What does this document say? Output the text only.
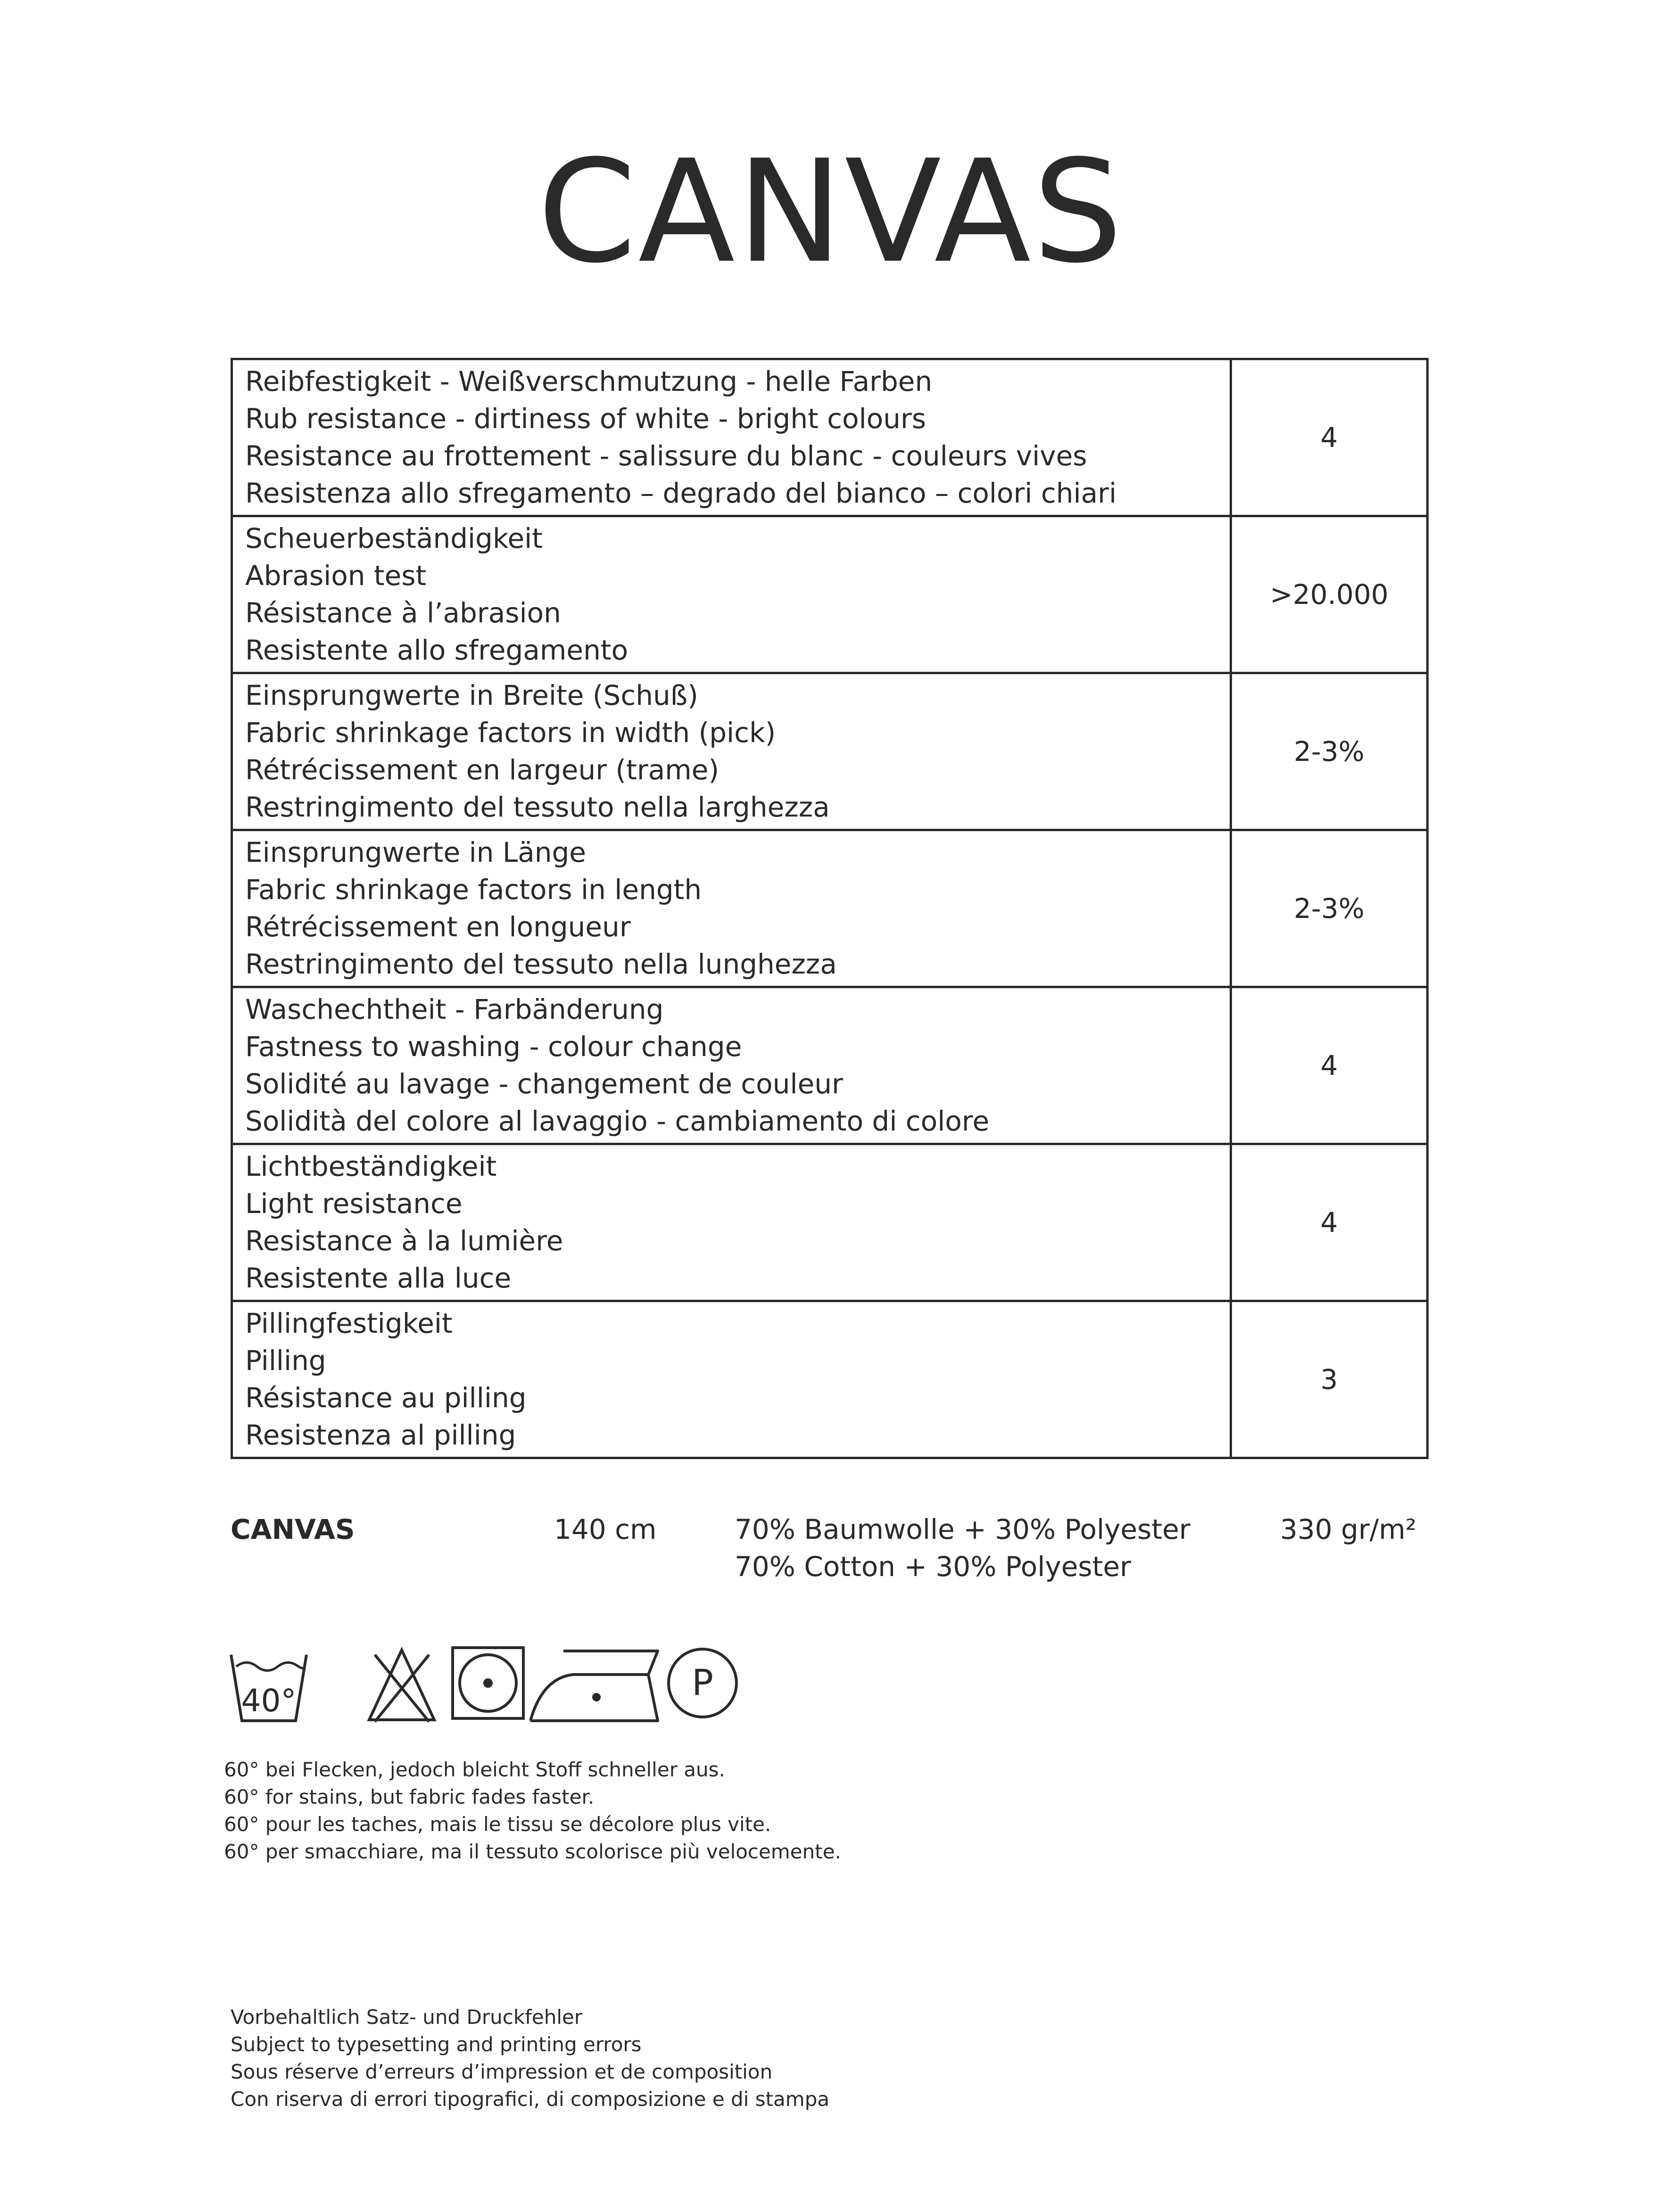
CANVAS
Reibfestigkeit - Weißverschmutzung - helle Farben
Rub resistance - dirtiness of white - bright colours
Resistance au frottement - salissure du blanc - couleurs vives
Resistenza allo sfregamento – degrado del bianco – colori chiari	4

Scheuerbeständigkeit
Abrasion test
Résistance à l’abrasion
Resistente allo sfregamento	>20.000

Einsprungwerte in Breite (Schuß)
Fabric shrinkage factors in width (pick)
Rétrécissement en largeur (trame)
Restringimento del tessuto nella larghezza	2-3%

Einsprungwerte in Länge
Fabric shrinkage factors in length
Rétrécissement en longueur
Restringimento del tessuto nella lunghezza	2-3%

Waschechtheit - Farbänderung
Fastness to washing - colour change
Solidité au lavage - changement de couleur
Solidità del colore al lavaggio - cambiamento di colore	4

Lichtbeständigkeit
Light resistance
Resistance à la lumière
Resistente alla luce	4

Pillingfestigkeit
Pilling
Résistance au pilling
Resistenza al pilling	3
CANVAS	140 cm	70% Baumwolle + 30% Polyester
70% Cotton + 30% Polyester
330 gr/m²
40°	P
60° bei Flecken, jedoch bleicht Stoff schneller aus.
60° for stains, but fabric fades faster.
60° pour les taches, mais le tissu se décolore plus vite.
60° per smacchiare, ma il tessuto scolorisce più velocemente.
Vorbehaltlich Satz- und Druckfehler
Subject to typesetting and printing errors
Sous réserve d’erreurs d’impression et de composition
Con riserva di errori tipografici, di composizione e di stampa
